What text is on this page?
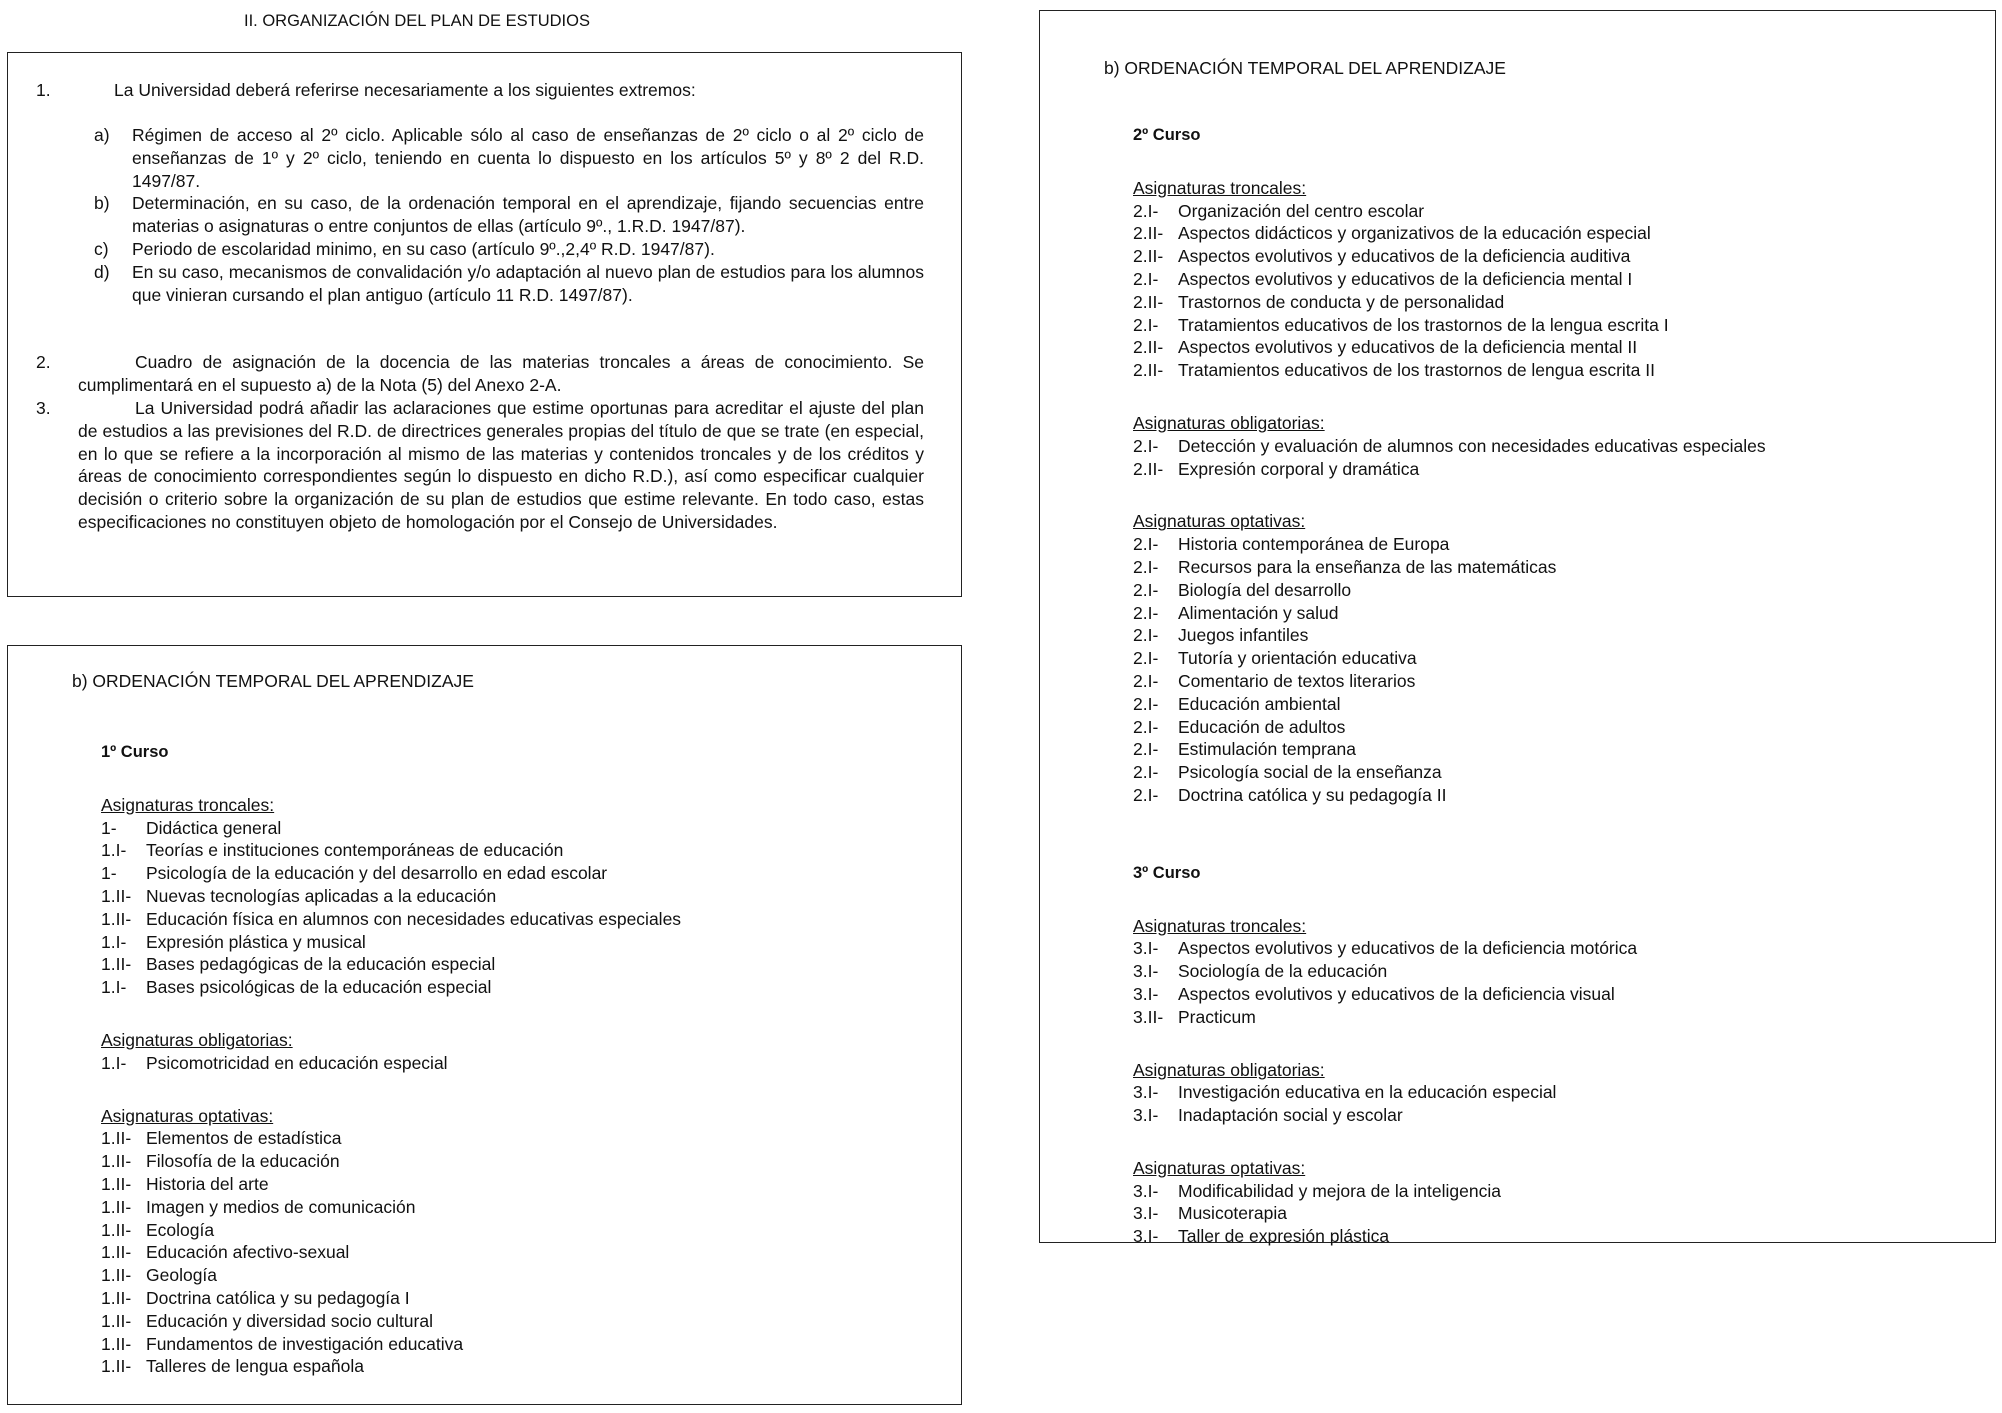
II. ORGANIZACIÓN DEL PLAN DE ESTUDIOS
1.	La Universidad deberá referirse necesariamente a los siguientes extremos:
a) Régimen de acceso al 2º ciclo. Aplicable sólo al caso de enseñanzas de 2º ciclo o al 2º ciclo de enseñanzas de 1º y 2º ciclo, teniendo en cuenta lo dispuesto en los artículos 5º y 8º 2 del R.D. 1497/87.
b) Determinación, en su caso, de la ordenación temporal en el aprendizaje, fijando secuencias entre materias o asignaturas o entre conjuntos de ellas (artículo 9º., 1.R.D. 1947/87).
c) Periodo de escolaridad minimo, en su caso (artículo 9º.,2,4º R.D. 1947/87).
d) En su caso, mecanismos de convalidación y/o adaptación al nuevo plan de estudios para los alumnos que vinieran cursando el plan antiguo (artículo 11 R.D. 1497/87).
2.	Cuadro de asignación de la docencia de las materias troncales a áreas de conocimiento. Se cumplimentará en el supuesto a) de la Nota (5) del Anexo 2-A.
3.	La Universidad podrá añadir las aclaraciones que estime oportunas para acreditar el ajuste del plan de estudios a las previsiones del R.D. de directrices generales propias del título de que se trate (en especial, en lo que se refiere a la incorporación al mismo de las materias y contenidos troncales y de los créditos y áreas de conocimiento correspondientes según lo dispuesto en dicho R.D.), así como especificar cualquier decisión o criterio sobre la organización de su plan de estudios que estime relevante. En todo caso, estas especificaciones no constituyen objeto de homologación por el Consejo de Universidades.
b) ORDENACIÓN TEMPORAL DEL APRENDIZAJE
1º Curso
Asignaturas troncales:
1- Didáctica general
1.I- Teorías e instituciones contemporáneas de educación
1- Psicología de la educación y del desarrollo en edad escolar
1.II- Nuevas tecnologías aplicadas a la educación
1.II- Educación física en alumnos con necesidades educativas especiales
1.I- Expresión plástica y musical
1.II- Bases pedagógicas de la educación especial
1.I- Bases psicológicas de la educación especial
Asignaturas obligatorias:
1.I- Psicomotricidad en educación especial
Asignaturas optativas:
1.II- Elementos de estadística
1.II- Filosofía de la educación
1.II- Historia del arte
1.II- Imagen y medios de comunicación
1.II- Ecología
1.II- Educación afectivo-sexual
1.II- Geología
1.II- Doctrina católica y su pedagogía I
1.II- Educación y diversidad socio cultural
1.II- Fundamentos de investigación educativa
1.II- Talleres de lengua española
b) ORDENACIÓN TEMPORAL DEL APRENDIZAJE
2º Curso
Asignaturas troncales:
2.I- Organización del centro escolar
2.II- Aspectos didácticos y organizativos de la educación especial
2.II- Aspectos evolutivos y educativos de la deficiencia auditiva
2.I- Aspectos evolutivos y educativos de la deficiencia mental I
2.II- Trastornos de conducta y de personalidad
2.I- Tratamientos educativos de los trastornos de la lengua escrita I
2.II- Aspectos evolutivos y educativos de la deficiencia mental II
2.II- Tratamientos educativos de los trastornos de lengua escrita II
Asignaturas obligatorias:
2.I- Detección y evaluación de alumnos con necesidades educativas especiales
2.II- Expresión corporal y dramática
Asignaturas optativas:
2.I- Historia contemporánea de Europa
2.I- Recursos para la enseñanza de las matemáticas
2.I- Biología del desarrollo
2.I- Alimentación y salud
2.I- Juegos infantiles
2.I- Tutoría y orientación educativa
2.I- Comentario de textos literarios
2.I- Educación ambiental
2.I- Educación de adultos
2.I- Estimulación temprana
2.I- Psicología social de la enseñanza
2.I- Doctrina católica y su pedagogía II
3º Curso
Asignaturas troncales:
3.I- Aspectos evolutivos y educativos de la deficiencia motórica
3.I- Sociología de la educación
3.I- Aspectos evolutivos y educativos de la deficiencia visual
3.II- Practicum
Asignaturas obligatorias:
3.I- Investigación educativa en la educación especial
3.I- Inadaptación social y escolar
Asignaturas optativas:
3.I- Modificabilidad y mejora de la inteligencia
3.I- Musicoterapia
3.I- Taller de expresión plástica
